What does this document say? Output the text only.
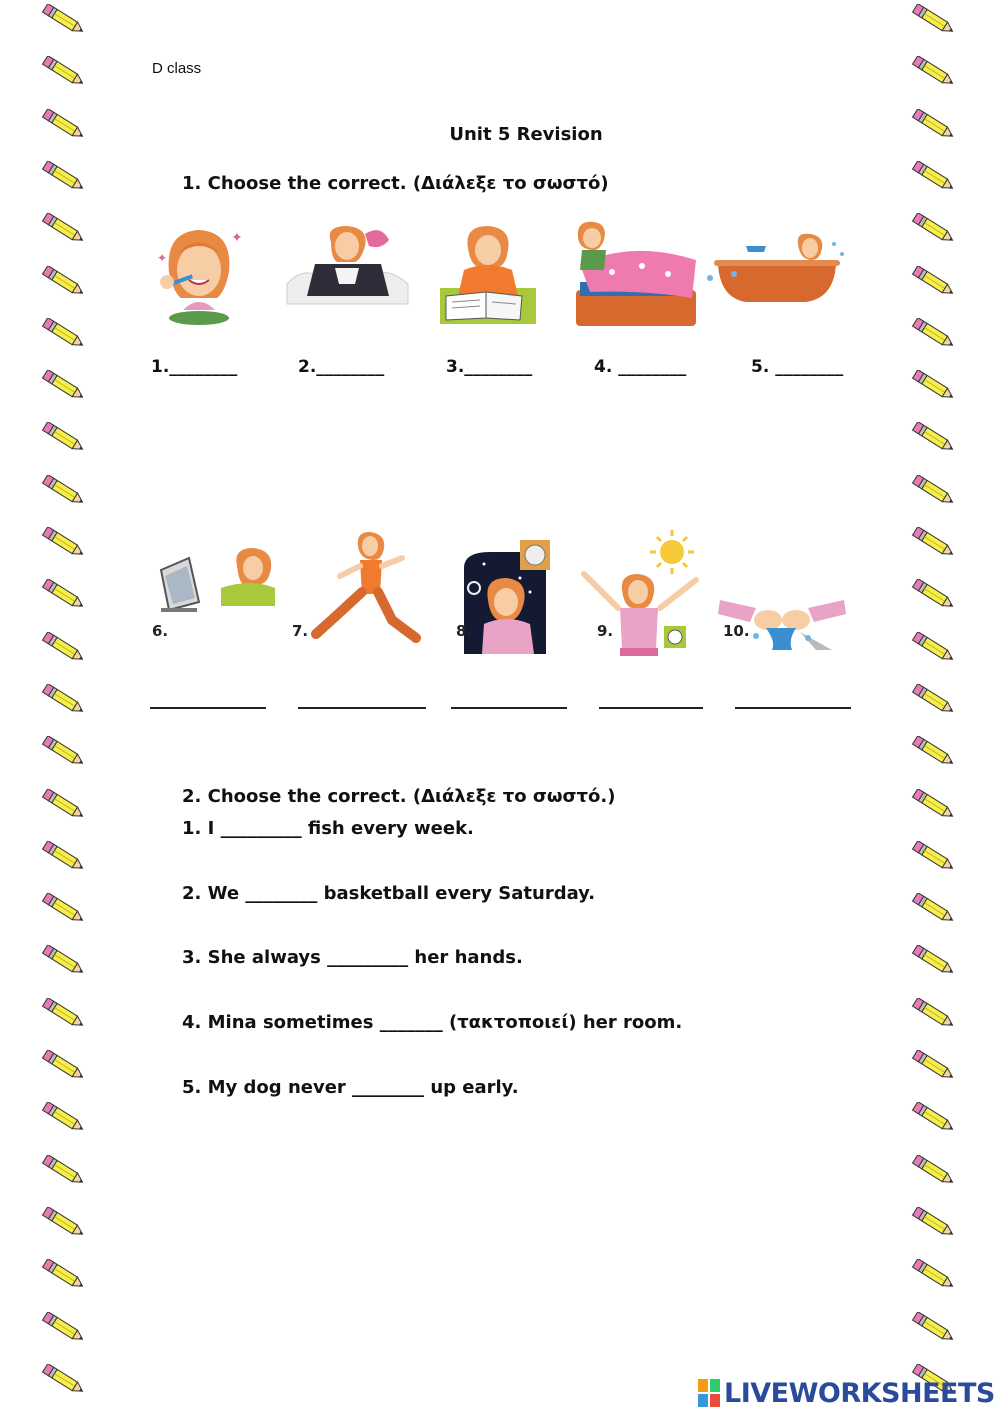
D class
Unit 5 Revision
1. Choose the correct. (Διάλεξε το σωστό)
✦
✦
1.________	2.________	3.________	4. ________	5. ________
6.	7.	8.	9.	10.
2. Choose the correct. (Διάλεξε το σωστό.)
1. I _________ fish every week.
2. We ________ basketball every Saturday.
3. She always _________ her hands.
4. Mina sometimes _______ (τακτοποιεί) her room.
5. My dog never ________ up early.
LIVEWORKSHEETS
